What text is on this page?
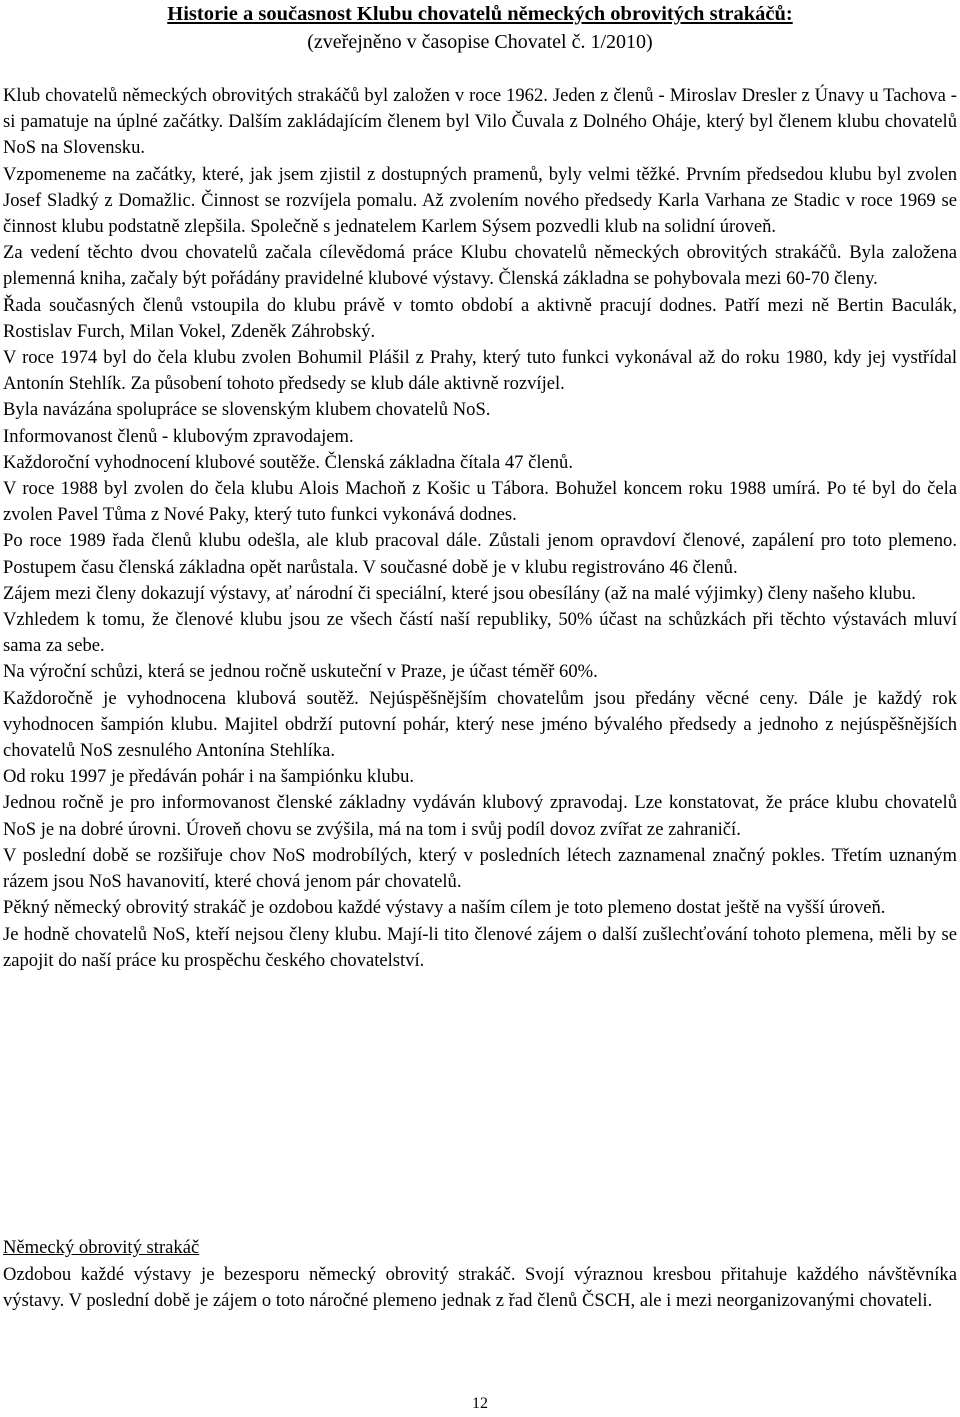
Historie a současnost Klubu chovatelů německých obrovitých strakáčů:
(zveřejněno v časopise Chovatel č. 1/2010)

Klub chovatelů německých obrovitých strakáčů byl založen v roce 1962. Jeden z členů - Miroslav Dresler z Únavy u Tachova - si pamatuje na úplné začátky. Dalším zakládajícím členem byl Vilo Čuvala z Dolného Oháje, který byl členem klubu chovatelů NoS na Slovensku.

Vzpomeneme na začátky, které, jak jsem zjistil z dostupných pramenů, byly velmi těžké. Prvním předsedou klubu byl zvolen Josef Sladký z Domažlic. Činnost se rozvíjela pomalu. Až zvolením nového předsedy Karla Varhana ze Stadic v roce 1969 se činnost klubu podstatně zlepšila. Společně s jednatelem Karlem Sýsem pozvedli klub na solidní úroveň.

Za vedení těchto dvou chovatelů začala cílevědomá práce Klubu chovatelů německých obrovitých strakáčů. Byla založena plemenná kniha, začaly být pořádány pravidelné klubové výstavy. Členská základna se pohybovala mezi 60-70 členy.

Řada současných členů vstoupila do klubu právě v tomto období a aktivně pracují dodnes. Patří mezi ně Bertin Baculák, Rostislav Furch, Milan Vokel, Zdeněk Záhrobský.

V roce 1974 byl do čela klubu zvolen Bohumil Plášil z Prahy, který tuto funkci vykonával až do roku 1980, kdy jej vystřídal Antonín Stehlík. Za působení tohoto předsedy se klub dále aktivně rozvíjel.

Byla navázána spolupráce se slovenským klubem chovatelů NoS.

Informovanost členů - klubovým zpravodajem.

Každoroční vyhodnocení klubové soutěže. Členská základna čítala 47 členů.

V roce 1988 byl zvolen do čela klubu Alois Machoň z Košic u Tábora. Bohužel koncem roku 1988 umírá. Po té byl do čela zvolen Pavel Tůma z Nové Paky, který tuto funkci vykonává dodnes.

Po roce 1989 řada členů klubu odešla, ale klub pracoval dále. Zůstali jenom opravdoví členové, zapálení pro toto plemeno. Postupem času členská základna opět narůstala. V současné době je v klubu registrováno 46 členů.

Zájem mezi členy dokazují výstavy, ať národní či speciální, které jsou obesílány (až na malé výjimky) členy našeho klubu.

Vzhledem k tomu, že členové klubu jsou ze všech částí naší republiky, 50% účast na schůzkách při těchto výstavách mluví sama za sebe.

Na výroční schůzi, která se jednou ročně uskuteční v Praze, je účast téměř 60%.

Každoročně je vyhodnocena klubová soutěž. Nejúspěšnějším chovatelům jsou předány věcné ceny. Dále je každý rok vyhodnocen šampión klubu. Majitel obdrží putovní pohár, který nese jméno bývalého předsedy a jednoho z nejúspěšnějších chovatelů NoS zesnulého Antonína Stehlíka.

Od roku 1997 je předáván pohár i na šampiónku klubu.

Jednou ročně je pro informovanost členské základny vydáván klubový zpravodaj. Lze konstatovat, že práce klubu chovatelů NoS je na dobré úrovni. Úroveň chovu se zvýšila, má na tom i svůj podíl dovoz zvířat ze zahraničí.

V poslední době se rozšiřuje chov NoS modrobílých, který v posledních létech zaznamenal značný pokles. Třetím uznaným rázem jsou NoS havanovití, které chová jenom pár chovatelů.

Pěkný německý obrovitý strakáč je ozdobou každé výstavy a naším cílem je toto plemeno dostat ještě na vyšší úroveň.

Je hodně chovatelů NoS, kteří nejsou členy klubu. Mají-li tito členové zájem o další zušlechťování tohoto plemena, měli by se zapojit do naší práce ku prospěchu českého chovatelství.

Německý obrovitý strakáč

Ozdobou každé výstavy je bezesporu německý obrovitý strakáč. Svojí výraznou kresbou přitahuje každého návštěvníka výstavy. V poslední době je zájem o toto náročné plemeno jednak z řad členů ČSCH, ale i mezi neorganizovanými chovateli.

12
